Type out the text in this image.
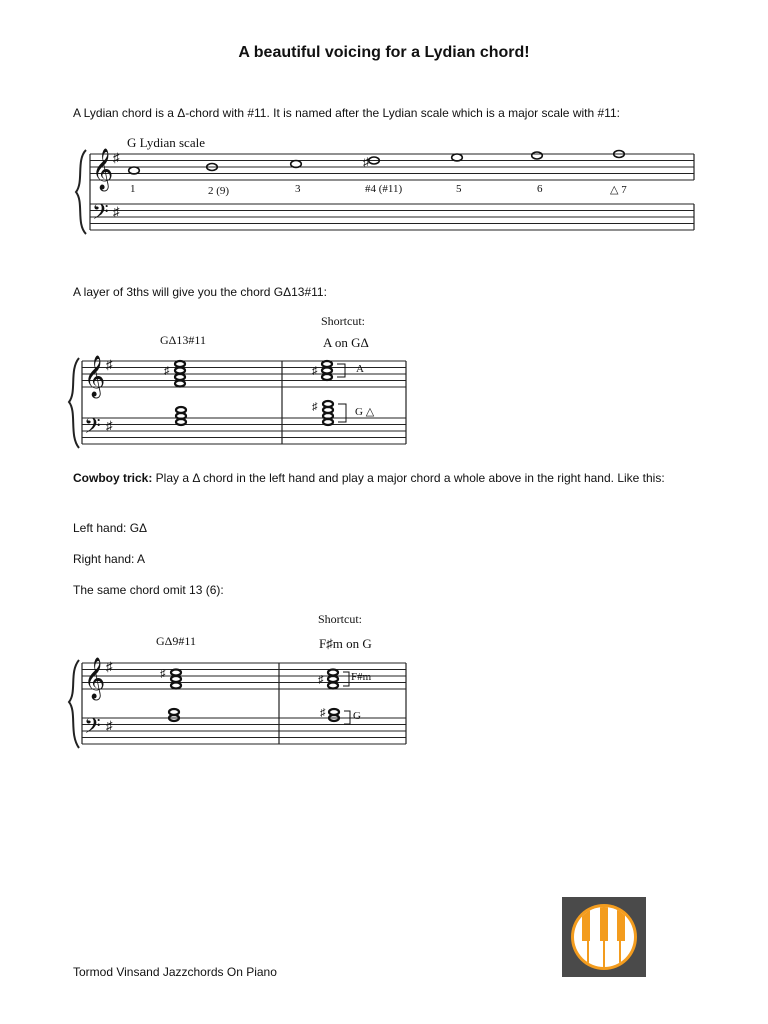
A beautiful voicing for a Lydian chord!

A Lydian chord is a Δ-chord with #11. It is named after the Lydian scale which is a major scale with #11:

𝄞 ♯
𝄢 ♯
♯
G Lydian scale
1	2 (9)	3	#4 (#11)	5	6	△ 7

A layer of 3ths will give you the chord GΔ13#11:

𝄞 ♯
𝄢 ♯
♯	♯
♯
Shortcut:
GΔ13#11	A on GΔ
A
G △

Cowboy trick: Play a Δ chord in the left hand and play a major chord a whole above in the right hand. Like this:

Left hand: GΔ

Right hand: A

The same chord omit 13 (6):

𝄞 ♯
𝄢 ♯
♯	♯
♯
Shortcut:
GΔ9#11	F♯m on G
F#m
G

Tormod Vinsand Jazzchords On Piano
